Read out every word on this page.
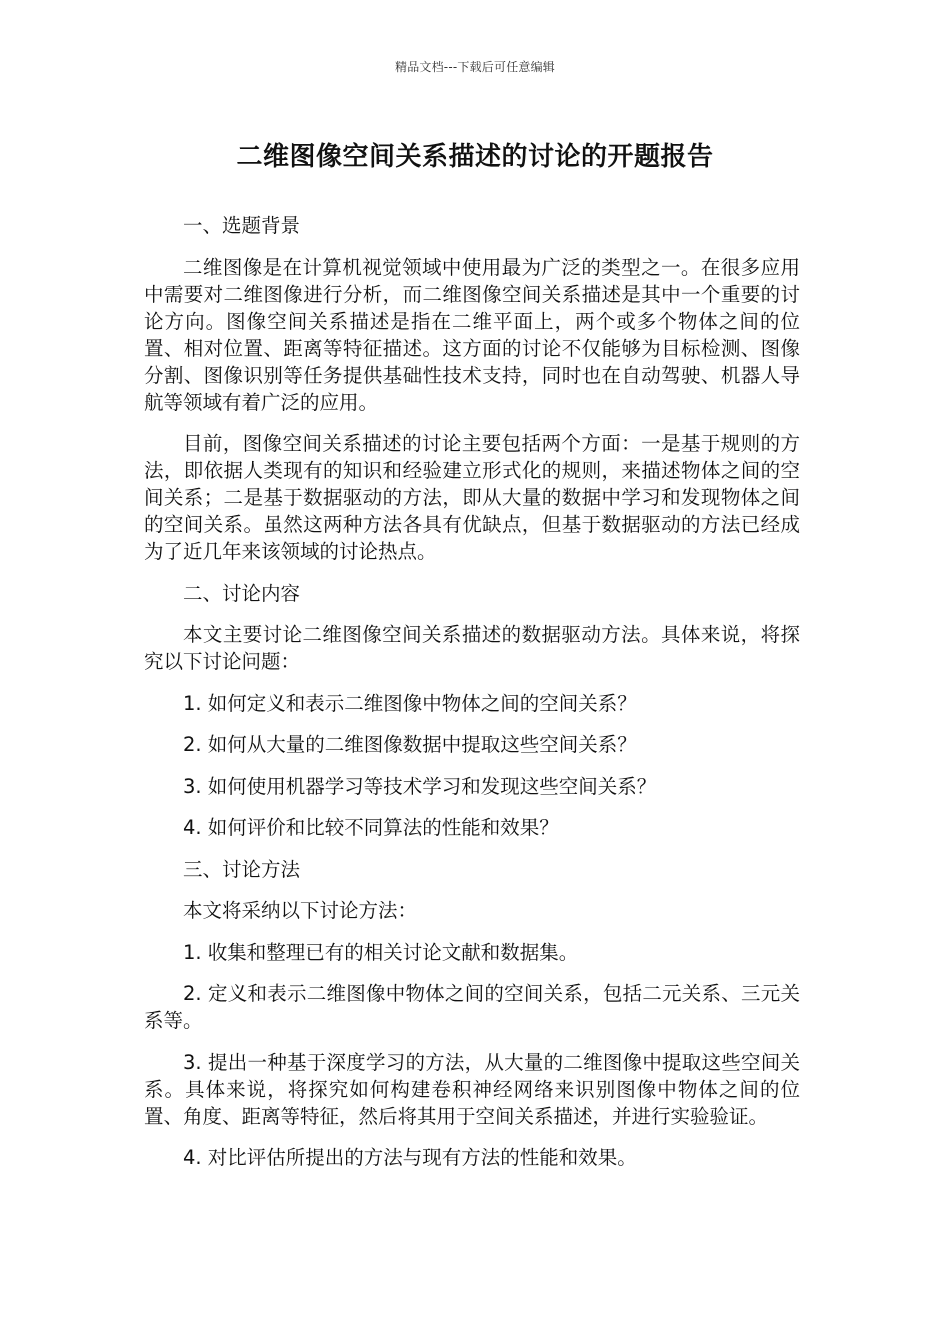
精品文档---下载后可任意编辑
二维图像空间关系描述的讨论的开题报告

一、选题背景

二维图像是在计算机视觉领域中使用最为广泛的类型之一。在很多应用中需要对二维图像进行分析，而二维图像空间关系描述是其中一个重要的讨论方向。图像空间关系描述是指在二维平面上，两个或多个物体之间的位置、相对位置、距离等特征描述。这方面的讨论不仅能够为目标检测、图像分割、图像识别等任务提供基础性技术支持，同时也在自动驾驶、机器人导航等领域有着广泛的应用。

目前，图像空间关系描述的讨论主要包括两个方面：一是基于规则的方法，即依据人类现有的知识和经验建立形式化的规则，来描述物体之间的空间关系；二是基于数据驱动的方法，即从大量的数据中学习和发现物体之间的空间关系。虽然这两种方法各具有优缺点，但基于数据驱动的方法已经成为了近几年来该领域的讨论热点。

二、讨论内容

本文主要讨论二维图像空间关系描述的数据驱动方法。具体来说，将探究以下讨论问题：

1. 如何定义和表示二维图像中物体之间的空间关系？

2. 如何从大量的二维图像数据中提取这些空间关系？

3. 如何使用机器学习等技术学习和发现这些空间关系？

4. 如何评价和比较不同算法的性能和效果？

三、讨论方法

本文将采纳以下讨论方法：

1. 收集和整理已有的相关讨论文献和数据集。

2. 定义和表示二维图像中物体之间的空间关系，包括二元关系、三元关系等。

3. 提出一种基于深度学习的方法，从大量的二维图像中提取这些空间关系。具体来说，将探究如何构建卷积神经网络来识别图像中物体之间的位置、角度、距离等特征，然后将其用于空间关系描述，并进行实验验证。

4. 对比评估所提出的方法与现有方法的性能和效果。
